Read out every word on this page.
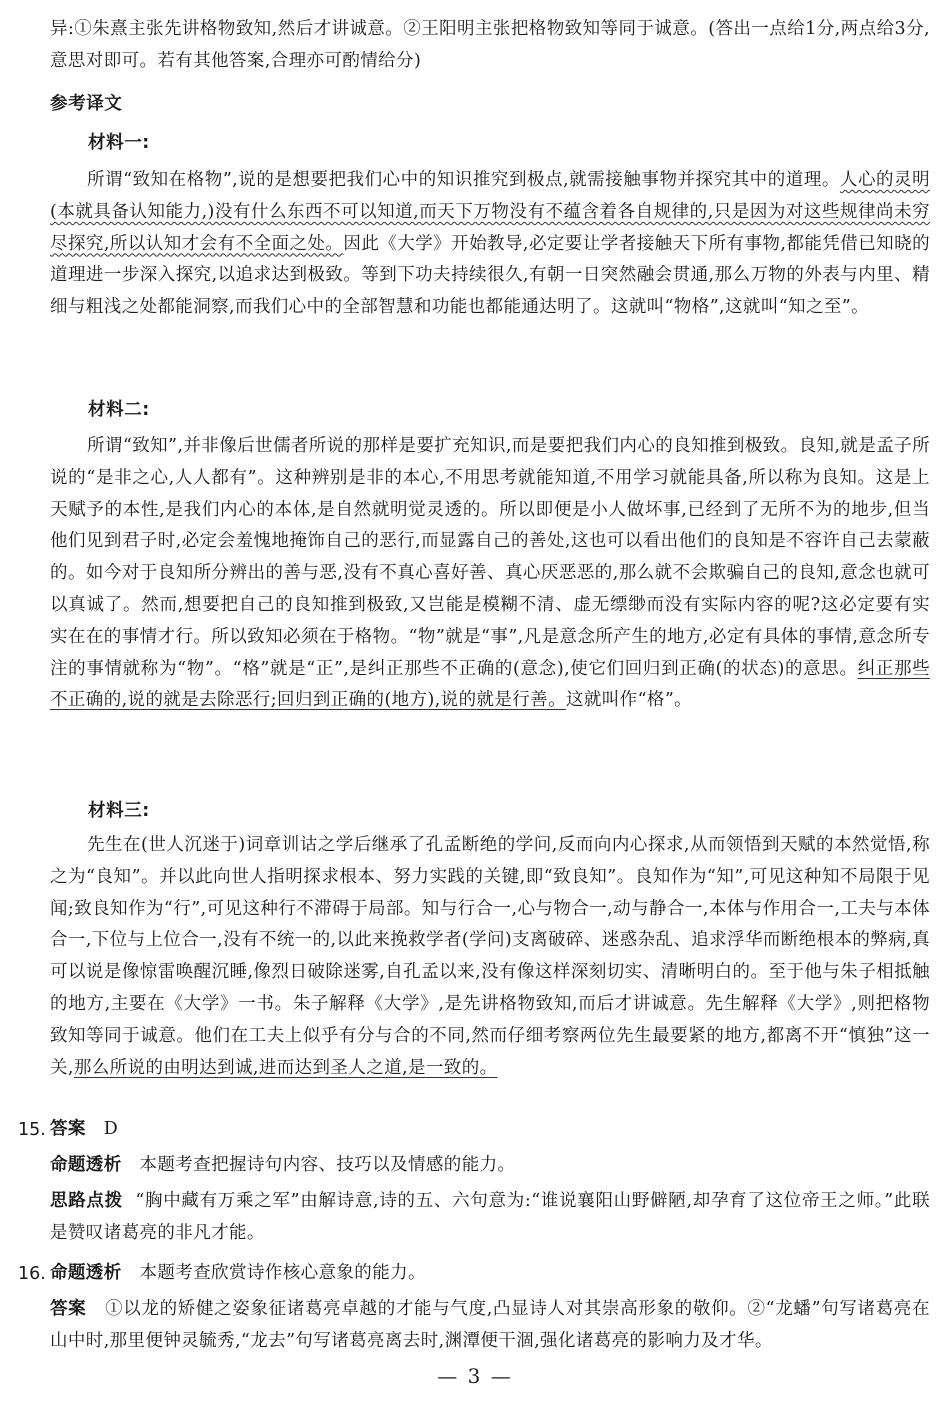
异:①朱熹主张先讲格物致知,然后才讲诚意。②王阳明主张把格物致知等同于诚意。(答出一点给1分,两点给3分,意思对即可。若有其他答案,合理亦可酌情给分)
参考译文
材料一:
所谓“致知在格物”,说的是想要把我们心中的知识推究到极点,就需接触事物并探究其中的道理。人心的灵明(本就具备认知能力,)没有什么东西不可以知道,而天下万物没有不蕴含着各自规律的,只是因为对这些规律尚未穷尽探究,所以认知才会有不全面之处。因此《大学》开始教导,必定要让学者接触天下所有事物,都能凭借已知晓的道理进一步深入探究,以追求达到极致。等到下功夫持续很久,有朝一日突然融会贯通,那么万物的外表与内里、精细与粗浅之处都能洞察,而我们心中的全部智慧和功能也都能通达明了。这就叫“物格”,这就叫“知之至”。
材料二:
所谓“致知”,并非像后世儒者所说的那样是要扩充知识,而是要把我们内心的良知推到极致。良知,就是孟子所说的“是非之心,人人都有”。这种辨别是非的本心,不用思考就能知道,不用学习就能具备,所以称为良知。这是上天赋予的本性,是我们内心的本体,是自然就明觉灵透的。所以即便是小人做坏事,已经到了无所不为的地步,但当他们见到君子时,必定会羞愧地掩饰自己的恶行,而显露自己的善处,这也可以看出他们的良知是不容许自己去蒙蔽的。如今对于良知所分辨出的善与恶,没有不真心喜好善、真心厌恶恶的,那么就不会欺骗自己的良知,意念也就可以真诚了。然而,想要把自己的良知推到极致,又岂能是模糊不清、虚无缥缈而没有实际内容的呢?这必定要有实实在在的事情才行。所以致知必须在于格物。“物”就是“事”,凡是意念所产生的地方,必定有具体的事情,意念所专注的事情就称为“物”。“格”就是“正”,是纠正那些不正确的(意念),使它们回归到正确(的状态)的意思。纠正那些不正确的,说的就是去除恶行;回归到正确的(地方),说的就是行善。这就叫作“格”。
材料三:
先生在(世人沉迷于)词章训诂之学后继承了孔孟断绝的学问,反而向内心探求,从而领悟到天赋的本然觉悟,称之为“良知”。并以此向世人指明探求根本、努力实践的关键,即“致良知”。良知作为“知”,可见这种知不局限于见闻;致良知作为“行”,可见这种行不滞碍于局部。知与行合一,心与物合一,动与静合一,本体与作用合一,工夫与本体合一,下位与上位合一,没有不统一的,以此来挽救学者(学问)支离破碎、迷惑杂乱、追求浮华而断绝根本的弊病,真可以说是像惊雷唤醒沉睡,像烈日破除迷雾,自孔孟以来,没有像这样深刻切实、清晰明白的。至于他与朱子相抵触的地方,主要在《大学》一书。朱子解释《大学》,是先讲格物致知,而后才讲诚意。先生解释《大学》,则把格物致知等同于诚意。他们在工夫上似乎有分与合的不同,然而仔细考察两位先生最要紧的地方,都离不开“慎独”这一关,那么所说的由明达到诚,进而达到圣人之道,是一致的。
15. 答案 D
命题透析 本题考查把握诗句内容、技巧以及情感的能力。
思路点拨 “胸中藏有万乘之军”由解诗意,诗的五、六句意为:“谁说襄阳山野僻陋,却孕育了这位帝王之师。”此联是赞叹诸葛亮的非凡才能。
16. 命题透析 本题考查欣赏诗作核心意象的能力。
答案 ①以龙的矫健之姿象征诸葛亮卓越的才能与气度,凸显诗人对其崇高形象的敬仰。②“龙蟠”句写诸葛亮在山中时,那里便钟灵毓秀,“龙去”句写诸葛亮离去时,渊潭便干涸,强化诸葛亮的影响力及才华。
— 3 —
